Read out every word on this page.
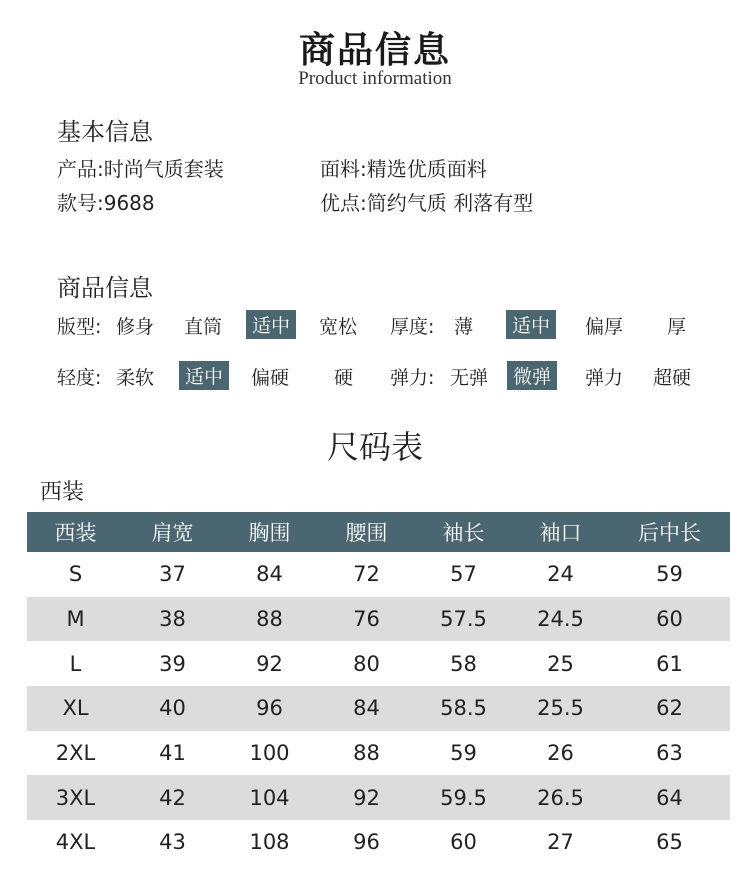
商品信息
Product information
基本信息
产品:时尚气质套装	面料:精选优质面料
款号:9688	优点:简约气质 利落有型
商品信息
版型: 修身 直筒	适中	宽松 厚度: 薄	适中	偏厚 厚
轻度: 柔软	适中	偏硬 硬 弹力: 无弹	微弹	弹力 超硬
尺码表
西装
西装	肩宽	胸围	腰围	袖长	袖口	后中长
S	37	84	72	57	24	59
M	38	88	76	57.5	24.5	60
L	39	92	80	58	25	61
XL	40	96	84	58.5	25.5	62
2XL	41	100	88	59	26	63
3XL	42	104	92	59.5	26.5	64
4XL	43	108	96	60	27	65
